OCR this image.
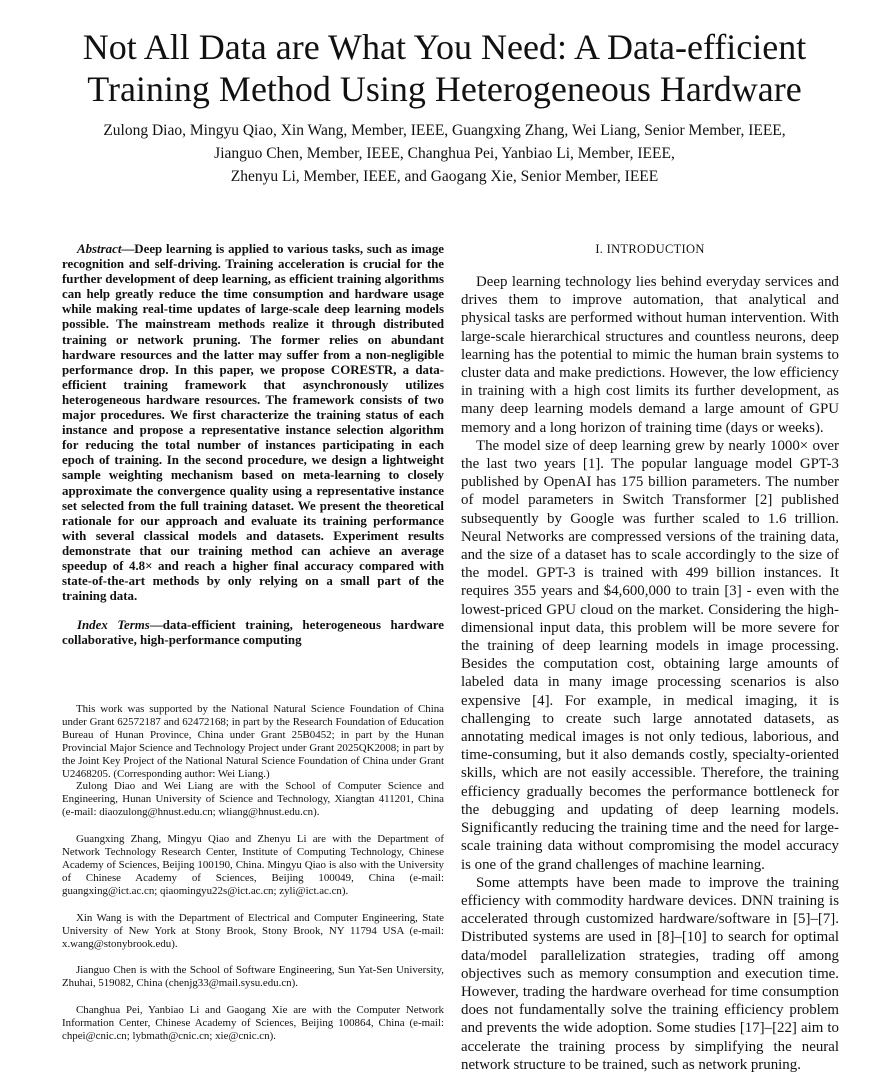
Not All Data are What You Need: A Data-efficient
Training Method Using Heterogeneous Hardware
Zulong Diao, Mingyu Qiao, Xin Wang, Member, IEEE, Guangxing Zhang, Wei Liang, Senior Member, IEEE,
Jianguo Chen, Member, IEEE, Changhua Pei, Yanbiao Li, Member, IEEE,
Zhenyu Li, Member, IEEE, and Gaogang Xie, Senior Member, IEEE

Abstract—Deep learning is applied to various tasks, such as image recognition and self-driving. Training acceleration is crucial for the further development of deep learning, as efficient training algorithms can help greatly reduce the time consumption and hardware usage while making real-time updates of large-scale deep learning models possible. The mainstream methods realize it through distributed training or network pruning. The former relies on abundant hardware resources and the latter may suffer from a non-negligible performance drop. In this paper, we propose CORESTR, a data-efficient training framework that asynchronously utilizes heterogeneous hardware resources. The framework consists of two major procedures. We first characterize the training status of each instance and propose a representative instance selection algorithm for reducing the total number of instances participating in each epoch of training. In the second procedure, we design a lightweight sample weighting mechanism based on meta-learning to closely approximate the convergence quality using a representative instance set selected from the full training dataset. We present the theoretical rationale for our approach and evaluate its training performance with several classical models and datasets. Experiment results demonstrate that our training method can achieve an average speedup of 4.8× and reach a higher final accuracy compared with state-of-the-art methods by only relying on a small part of the training data.

Index Terms—data-efficient training, heterogeneous hardware collaborative, high-performance computing

This work was supported by the National Natural Science Foundation of China under Grant 62572187 and 62472168; in part by the Research Foundation of Education Bureau of Hunan Province, China under Grant 25B0452; in part by the Hunan Provincial Major Science and Technology Project under Grant 2025QK2008; in part by the Joint Key Project of the National Natural Science Foundation of China under Grant U2468205. (Corresponding author: Wei Liang.)

Zulong Diao and Wei Liang are with the School of Computer Science and Engineering, Hunan University of Science and Technology, Xiangtan 411201, China (e-mail: diaozulong@hnust.edu.cn; wliang@hnust.edu.cn).

Guangxing Zhang, Mingyu Qiao and Zhenyu Li are with the Department of Network Technology Research Center, Institute of Computing Technology, Chinese Academy of Sciences, Beijing 100190, China. Mingyu Qiao is also with the University of Chinese Academy of Sciences, Beijing 100049, China (e-mail: guangxing@ict.ac.cn; qiaomingyu22s@ict.ac.cn; zyli@ict.ac.cn).

Xin Wang is with the Department of Electrical and Computer Engineering, State University of New York at Stony Brook, Stony Brook, NY 11794 USA (e-mail: x.wang@stonybrook.edu).

Jianguo Chen is with the School of Software Engineering, Sun Yat-Sen University, Zhuhai, 519082, China (chenjg33@mail.sysu.edu.cn).

Changhua Pei, Yanbiao Li and Gaogang Xie are with the Computer Network Information Center, Chinese Academy of Sciences, Beijing 100864, China (e-mail: chpei@cnic.cn; lybmath@cnic.cn; xie@cnic.cn).

I. INTRODUCTION

Deep learning technology lies behind everyday services and drives them to improve automation, that analytical and physical tasks are performed without human intervention. With large-scale hierarchical structures and countless neurons, deep learning has the potential to mimic the human brain systems to cluster data and make predictions. However, the low efficiency in training with a high cost limits its further development, as many deep learning models demand a large amount of GPU memory and a long horizon of training time (days or weeks).

The model size of deep learning grew by nearly 1000× over the last two years [1]. The popular language model GPT-3 published by OpenAI has 175 billion parameters. The number of model parameters in Switch Transformer [2] published subsequently by Google was further scaled to 1.6 trillion. Neural Networks are compressed versions of the training data, and the size of a dataset has to scale accordingly to the size of the model. GPT-3 is trained with 499 billion instances. It requires 355 years and $4,600,000 to train [3] - even with the lowest-priced GPU cloud on the market. Considering the high-dimensional input data, this problem will be more severe for the training of deep learning models in image processing. Besides the computation cost, obtaining large amounts of labeled data in many image processing scenarios is also expensive [4]. For example, in medical imaging, it is challenging to create such large annotated datasets, as annotating medical images is not only tedious, laborious, and time-consuming, but it also demands costly, specialty-oriented skills, which are not easily accessible. Therefore, the training efficiency gradually becomes the performance bottleneck for the debugging and updating of deep learning models. Significantly reducing the training time and the need for large-scale training data without compromising the model accuracy is one of the grand challenges of machine learning.

Some attempts have been made to improve the training efficiency with commodity hardware devices. DNN training is accelerated through customized hardware/software in [5]–[7]. Distributed systems are used in [8]–[10] to search for optimal data/model parallelization strategies, trading off among objectives such as memory consumption and execution time. However, trading the hardware overhead for time consumption does not fundamentally solve the training efficiency problem and prevents the wide adoption. Some studies [17]–[22] aim to accelerate the training process by simplifying the neural network structure to be trained, such as network pruning.
